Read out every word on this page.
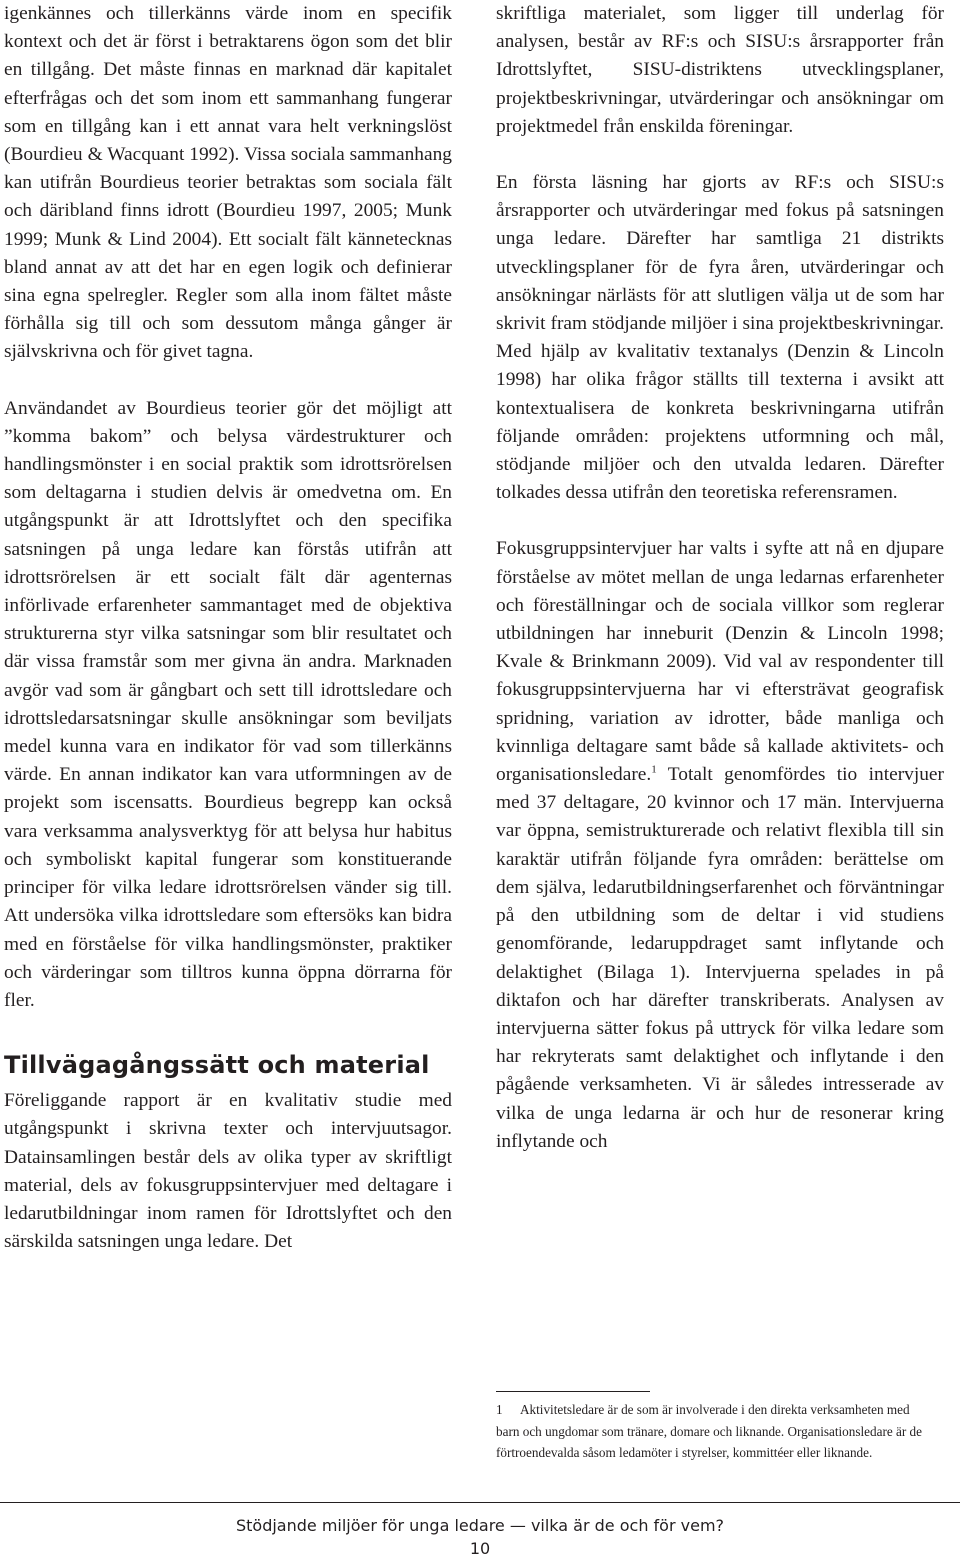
igenkännes och tillerkänns värde inom en specifik kontext och det är först i betraktarens ögon som det blir en tillgång. Det måste finnas en marknad där kapitalet efterfrågas och det som inom ett sammanhang fungerar som en tillgång kan i ett annat vara helt verkningslöst (Bourdieu & Wacquant 1992). Vissa sociala sammanhang kan utifrån Bourdieus teorier betraktas som sociala fält och däribland finns idrott (Bourdieu 1997, 2005; Munk 1999; Munk & Lind 2004). Ett socialt fält kännetecknas bland annat av att det har en egen logik och definierar sina egna spelregler. Regler som alla inom fältet måste förhålla sig till och som dessutom många gånger är självskrivna och för givet tagna.

Användandet av Bourdieus teorier gör det möjligt att ”komma bakom” och belysa värdestrukturer och handlingsmönster i en social praktik som idrottsrörelsen som deltagarna i studien delvis är omedvetna om. En utgångspunkt är att Idrottslyftet och den specifika satsningen på unga ledare kan förstås utifrån att idrottsrörelsen är ett socialt fält där agenternas införlivade erfarenheter sammantaget med de objektiva strukturerna styr vilka satsningar som blir resultatet och där vissa framstår som mer givna än andra. Marknaden avgör vad som är gångbart och sett till idrottsledare och idrottsledarsatsningar skulle ansökningar som beviljats medel kunna vara en indikator för vad som tillerkänns värde. En annan indikator kan vara utformningen av de projekt som iscensatts. Bourdieus begrepp kan också vara verksamma analysverktyg för att belysa hur habitus och symboliskt kapital fungerar som konstituerande principer för vilka ledare idrottsrörelsen vänder sig till. Att undersöka vilka idrottsledare som eftersöks kan bidra med en förståelse för vilka handlingsmönster, praktiker och värderingar som tilltros kunna öppna dörrarna för fler.

Tillvägagångssätt och material

Föreliggande rapport är en kvalitativ studie med utgångspunkt i skrivna texter och intervjuutsagor. Datainsamlingen består dels av olika typer av skriftligt material, dels av fokusgruppsintervjuer med deltagare i ledarutbildningar inom ramen för Idrottslyftet och den särskilda satsningen unga ledare. Det

skriftliga materialet, som ligger till underlag för analysen, består av RF:s och SISU:s årsrapporter från Idrottslyftet, SISU-distriktens utvecklingsplaner, projektbeskrivningar, utvärderingar och ansökningar om projektmedel från enskilda föreningar.

En första läsning har gjorts av RF:s och SISU:s årsrapporter och utvärderingar med fokus på satsningen unga ledare. Därefter har samtliga 21 distrikts utvecklingsplaner för de fyra åren, utvärderingar och ansökningar närlästs för att slutligen välja ut de som har skrivit fram stödjande miljöer i sina projektbeskrivningar. Med hjälp av kvalitativ textanalys (Denzin & Lincoln 1998) har olika frågor ställts till texterna i avsikt att kontextualisera de konkreta beskrivningarna utifrån följande områden: projektens utformning och mål, stödjande miljöer och den utvalda ledaren. Därefter tolkades dessa utifrån den teoretiska referensramen.

Fokusgruppsintervjuer har valts i syfte att nå en djupare förståelse av mötet mellan de unga ledarnas erfarenheter och föreställningar och de sociala villkor som reglerar utbildningen har inneburit (Denzin & Lincoln 1998; Kvale & Brinkmann 2009). Vid val av respondenter till fokusgruppsintervjuerna har vi eftersträvat geografisk spridning, variation av idrotter, både manliga och kvinnliga deltagare samt både så kallade aktivitets- och organisationsledare.$^1$ Totalt genomfördes tio intervjuer med 37 deltagare, 20 kvinnor och 17 män. Intervjuerna var öppna, semistrukturerade och relativt flexibla till sin karaktär utifrån följande fyra områden: berättelse om dem själva, ledarutbildningserfarenhet och förväntningar på den utbildning som de deltar i vid studiens genomförande, ledaruppdraget samt inflytande och delaktighet (Bilaga 1). Intervjuerna spelades in på diktafon och har därefter transkriberats. Analysen av intervjuerna sätter fokus på uttryck för vilka ledare som har rekryterats samt delaktighet och inflytande i den pågående verksamheten. Vi är således intresserade av vilka de unga ledarna är och hur de resonerar kring inflytande och

1 Aktivitetsledare är de som är involverade i den direkta verksamheten med barn och ungdomar som tränare, domare och liknande. Organisationsledare är de förtroendevalda såsom ledamöter i styrelser, kommittéer eller liknande.
Stödjande miljöer för unga ledare — vilka är de och för vem?
10
